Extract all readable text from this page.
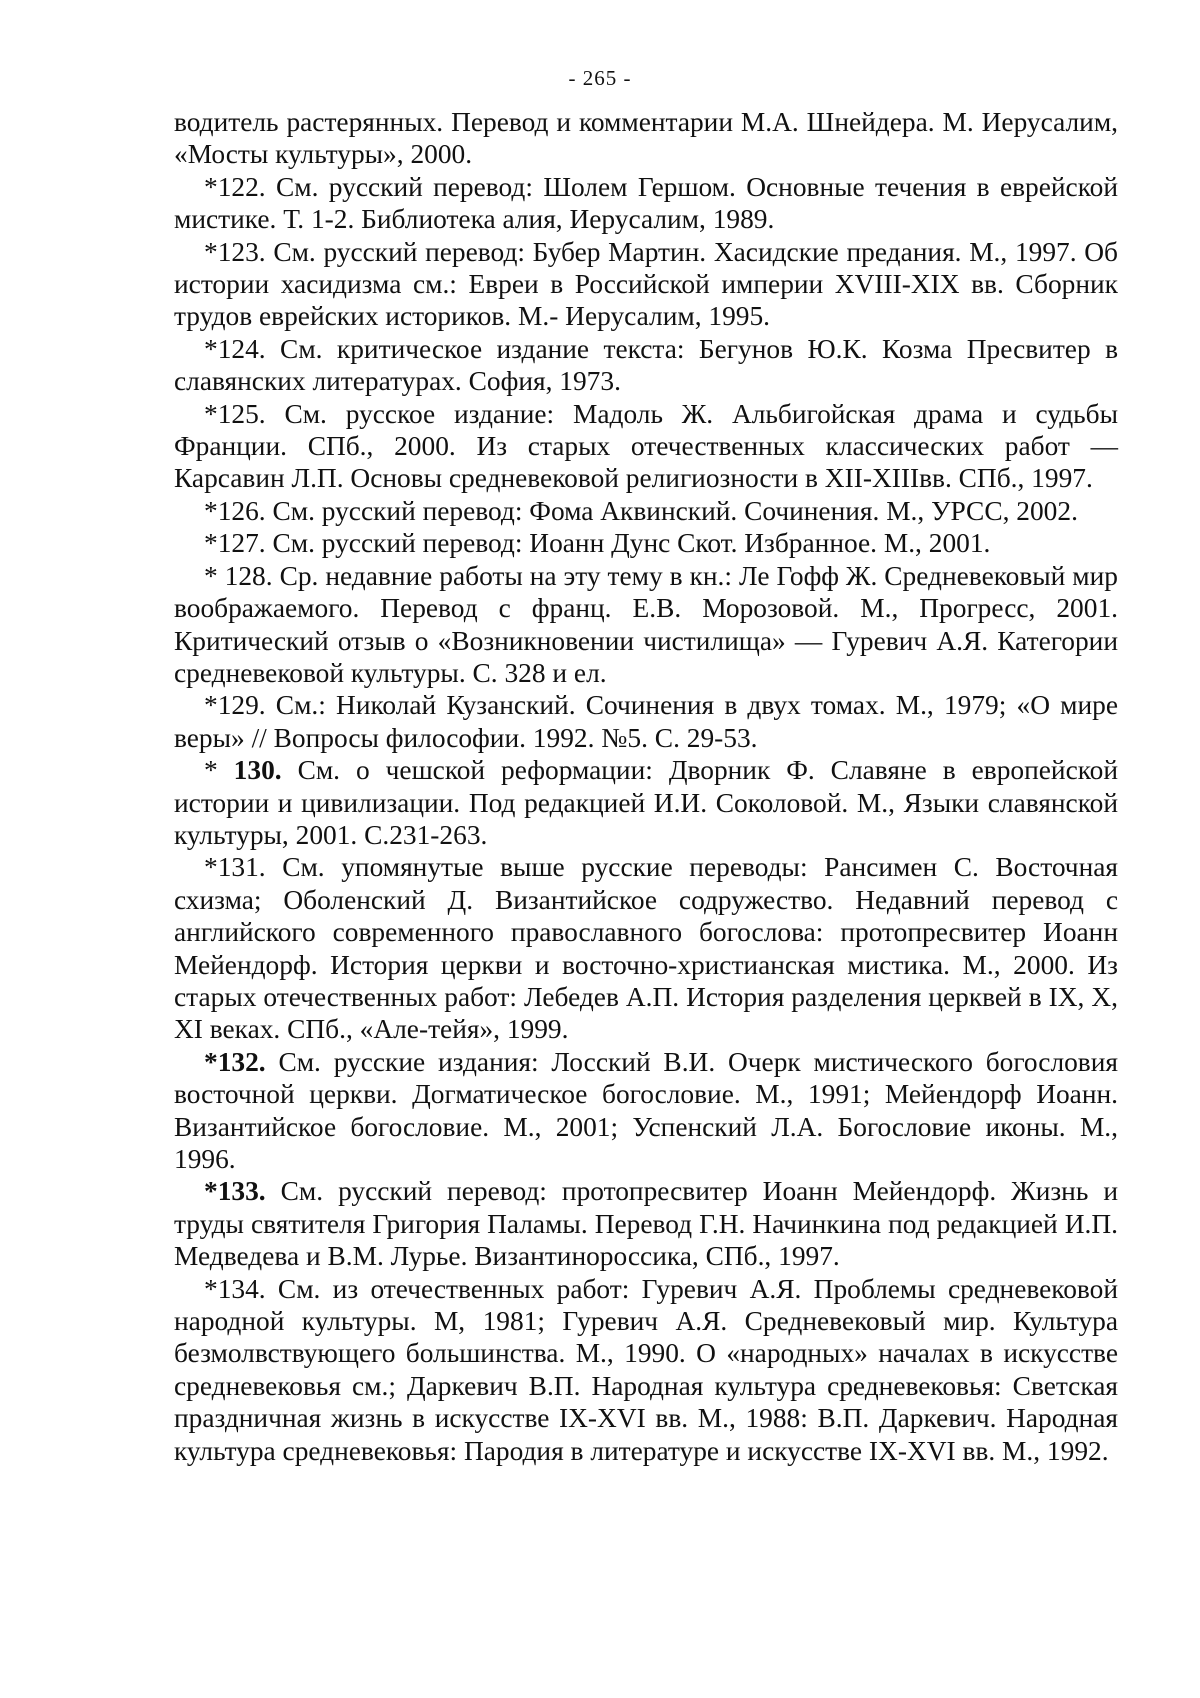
- 265 -

водитель растерянных. Перевод и комментарии М.А. Шнейдера. М. Иерусалим, «Мосты культуры», 2000.

*122. См. русский перевод: Шолем Гершом. Основные течения в еврейской мистике. Т. 1-2. Библиотека алия, Иерусалим, 1989.

*123. См. русский перевод: Бубер Мартин. Хасидские предания. М., 1997. Об истории хасидизма см.: Евреи в Российской империи XVIII-XIX вв. Сборник трудов еврейских историков. М.- Иерусалим, 1995.

*124. См. критическое издание текста: Бегунов Ю.К. Козма Пресвитер в славянских литературах. София, 1973.

*125. См. русское издание: Мадоль Ж. Альбигойская драма и судьбы Франции. СПб., 2000. Из старых отечественных классических работ — Карсавин Л.П. Основы средневековой религиозности в XII-XIIIвв. СПб., 1997.

*126. См. русский перевод: Фома Аквинский. Сочинения. М., УРСС, 2002.

*127. См. русский перевод: Иоанн Дунс Скот. Избранное. М., 2001.

* 128. Ср. недавние работы на эту тему в кн.: Ле Гофф Ж. Средневековый мир воображаемого. Перевод с франц. Е.В. Морозовой. М., Прогресс, 2001. Критический отзыв о «Возникновении чистилища» — Гуревич А.Я. Категории средневековой культуры. С. 328 и ел.

*129. См.: Николай Кузанский. Сочинения в двух томах. М., 1979; «О мире веры» // Вопросы философии. 1992. №5. С. 29-53.

* 130. См. о чешской реформации: Дворник Ф. Славяне в европейской истории и цивилизации. Под редакцией И.И. Соколовой. М., Языки славянской культуры, 2001. С.231-263.

*131. См. упомянутые выше русские переводы: Рансимен С. Восточная схизма; Оболенский Д. Византийское содружество. Недавний перевод с английского современного православного богослова: протопресвитер Иоанн Мейендорф. История церкви и восточно-христианская мистика. М., 2000. Из старых отечественных работ: Лебедев А.П. История разделения церквей в IX, X, XI веках. СПб., «Але-тейя», 1999.

*132. См. русские издания: Лосский В.И. Очерк мистического богословия восточной церкви. Догматическое богословие. М., 1991; Мейендорф Иоанн. Византийское богословие. М., 2001; Успенский Л.А. Богословие иконы. М., 1996.

*133. См. русский перевод: протопресвитер Иоанн Мейендорф. Жизнь и труды святителя Григория Паламы. Перевод Г.Н. Начинкина под редакцией И.П. Медведева и В.М. Лурье. Византинороссика, СПб., 1997.

*134. См. из отечественных работ: Гуревич А.Я. Проблемы средневековой народной культуры. М, 1981; Гуревич А.Я. Средневековый мир. Культура безмолвствующего большинства. М., 1990. О «народных» началах в искусстве средневековья см.; Даркевич В.П. Народная культура средневековья: Светская праздничная жизнь в искусстве IX-XVI вв. М., 1988: В.П. Даркевич. Народная культура средневековья: Пародия в литературе и искусстве IX-XVI вв. М., 1992.
